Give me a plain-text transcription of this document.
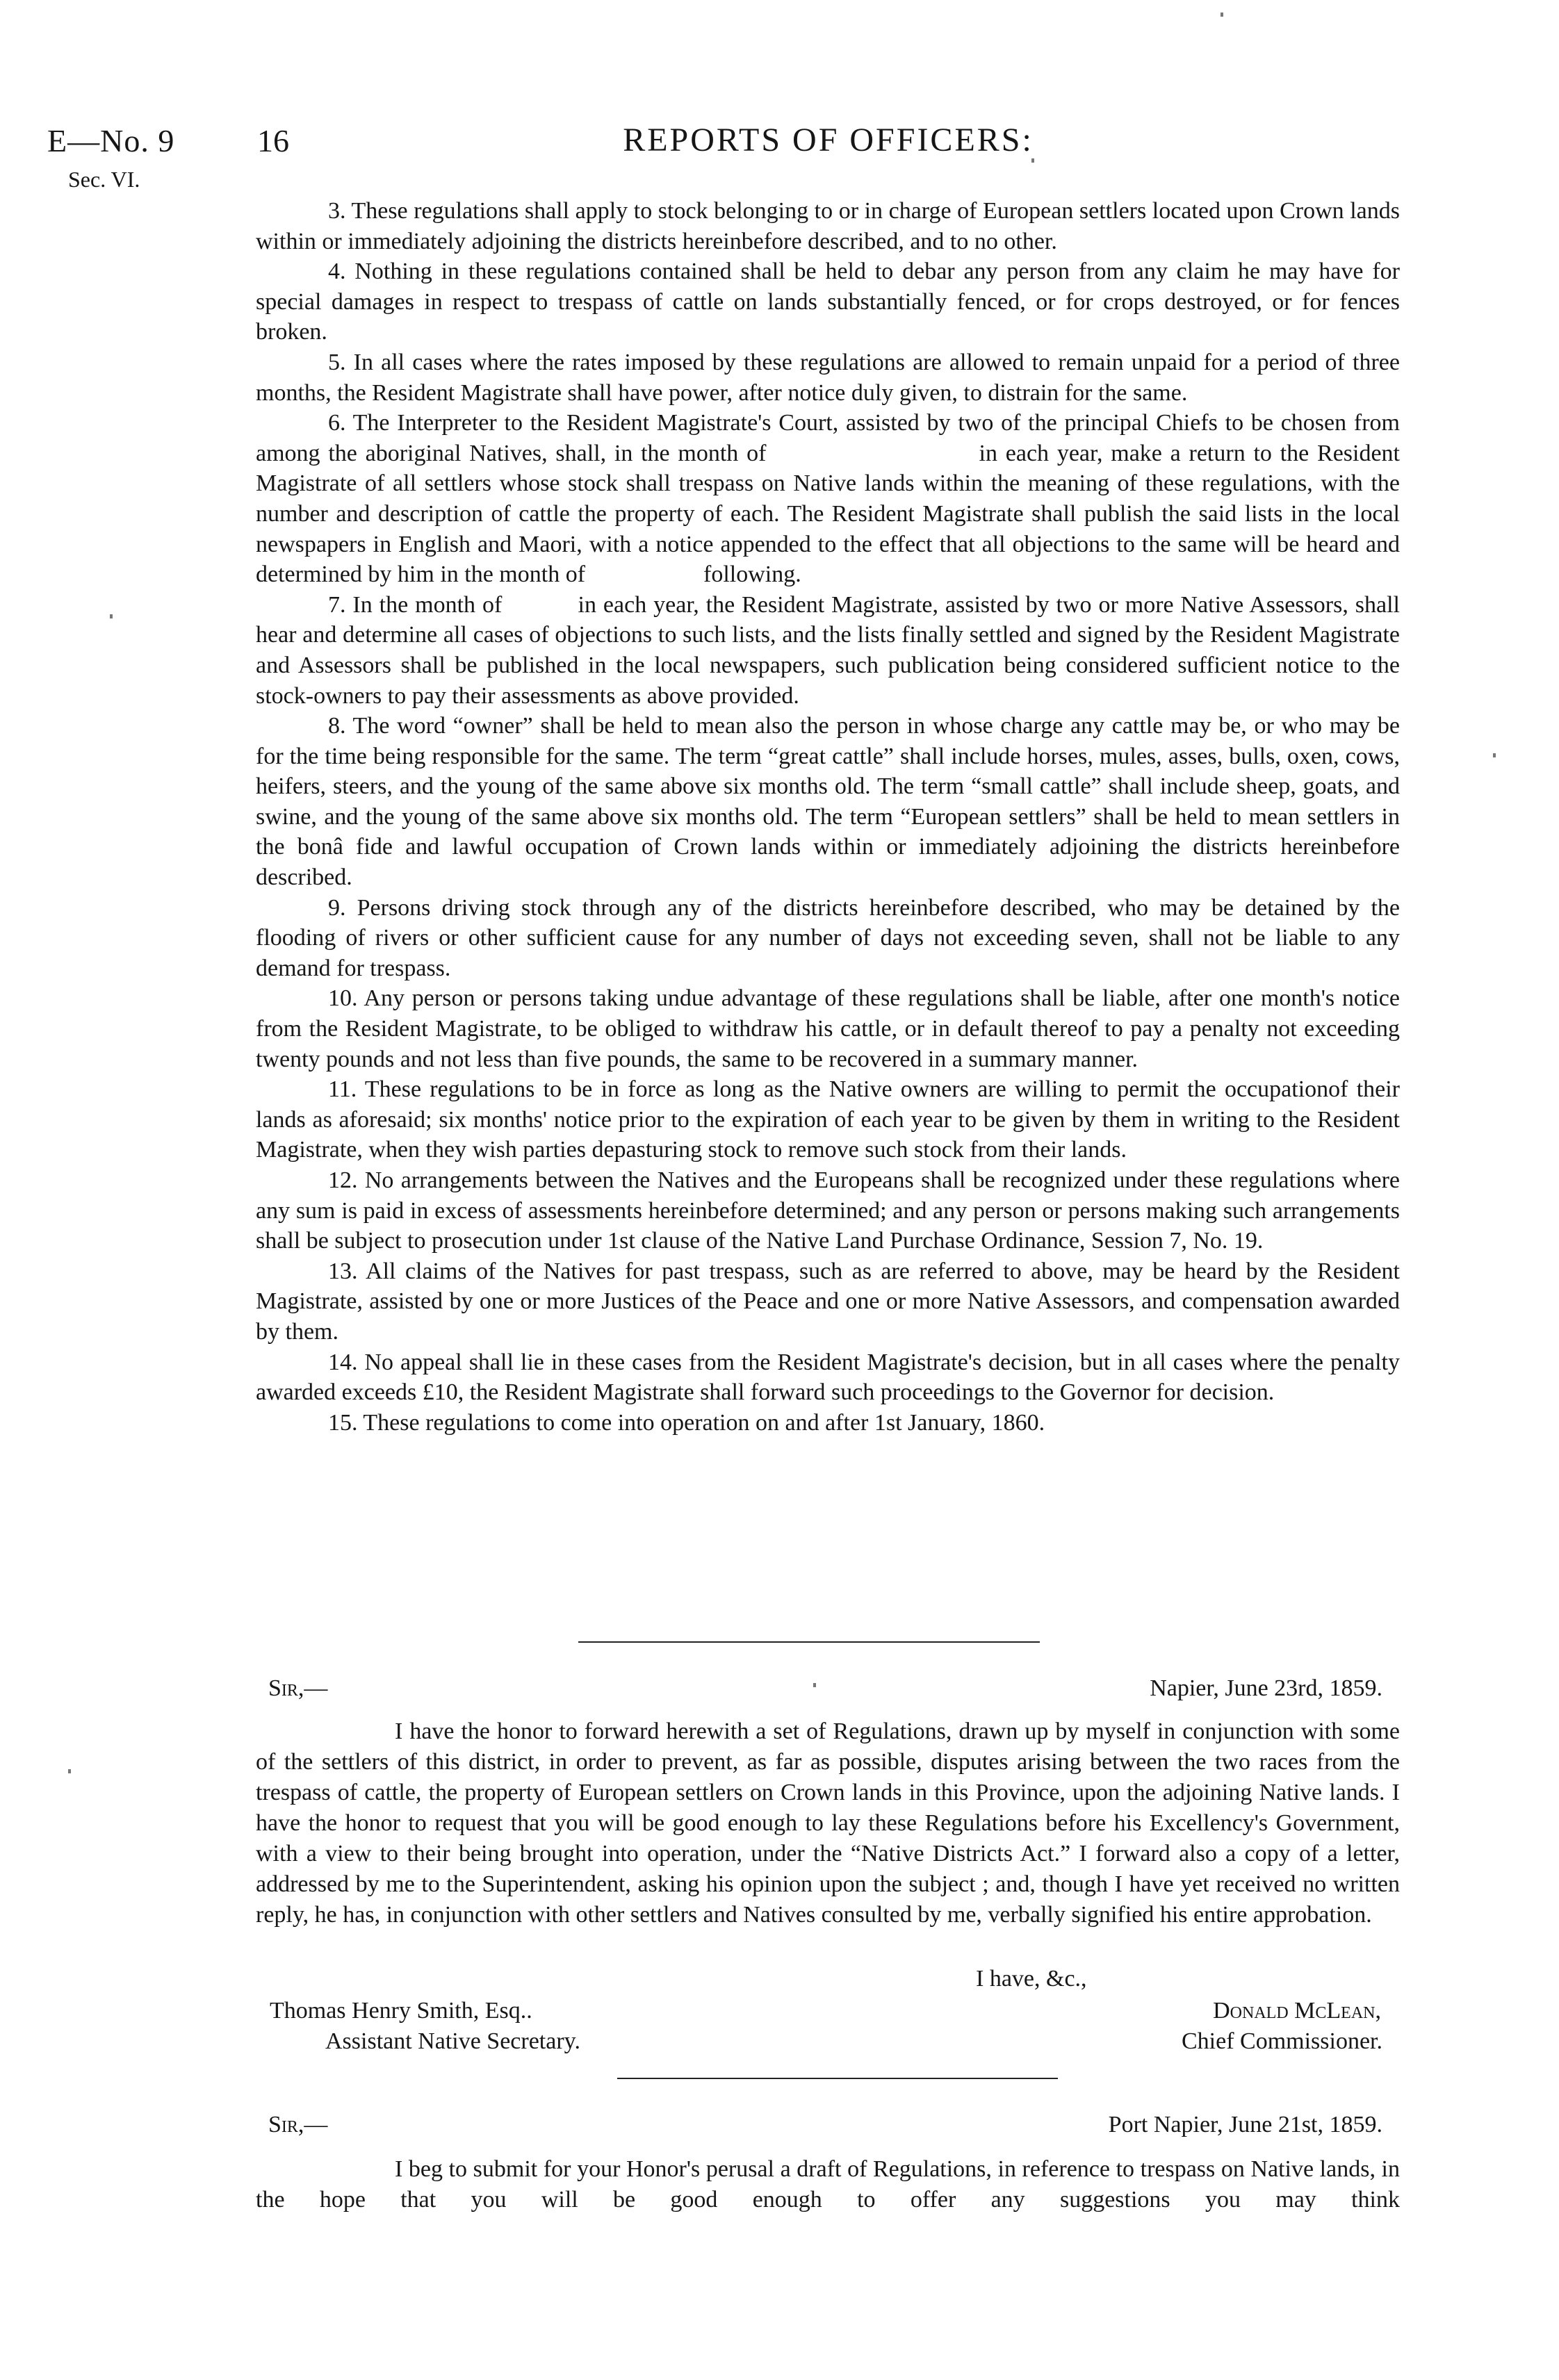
E—No. 9
Sec. VI.
16	REPORTS OF OFFICERS:

3. These regulations shall apply to stock belonging to or in charge of European settlers located upon Crown lands within or immediately adjoining the districts hereinbefore described, and to no other.

4. Nothing in these regulations contained shall be held to debar any person from any claim he may have for special damages in respect to trespass of cattle on lands substantially fenced, or for crops destroyed, or for fences broken.

5. In all cases where the rates imposed by these regulations are allowed to remain unpaid for a period of three months, the Resident Magistrate shall have power, after notice duly given, to distrain for the same.

6. The Interpreter to the Resident Magistrate's Court, assisted by two of the principal Chiefs to be chosen from among the aboriginal Natives, shall, in the month of                          in each year, make a return to the Resident Magistrate of all settlers whose stock shall trespass on Native lands within the meaning of these regulations, with the number and description of cattle the property of each. The Resident Magistrate shall publish the said lists in the local newspapers in English and Maori, with a notice appended to the effect that all objections to the same will be heard and determined by him in the month of                    following.

7. In the month of           in each year, the Resident Magistrate, assisted by two or more Native Assessors, shall hear and determine all cases of objections to such lists, and the lists finally settled and signed by the Resident Magistrate and Assessors shall be published in the local newspapers, such publication being considered sufficient notice to the stock-owners to pay their assessments as above provided.

8. The word “owner” shall be held to mean also the person in whose charge any cattle may be, or who may be for the time being responsible for the same. The term “great cattle” shall include horses, mules, asses, bulls, oxen, cows, heifers, steers, and the young of the same above six months old. The term “small cattle” shall include sheep, goats, and swine, and the young of the same above six months old. The term “European settlers” shall be held to mean settlers in the bonâ fide and lawful occupation of Crown lands within or immediately adjoining the districts hereinbefore described.

9. Persons driving stock through any of the districts hereinbefore described, who may be detained by the flooding of rivers or other sufficient cause for any number of days not exceeding seven, shall not be liable to any demand for trespass.

10. Any person or persons taking undue advantage of these regulations shall be liable, after one month's notice from the Resident Magistrate, to be obliged to withdraw his cattle, or in default thereof to pay a penalty not exceeding twenty pounds and not less than five pounds, the same to be recovered in a summary manner.

11. These regulations to be in force as long as the Native owners are willing to permit the occupationof their lands as aforesaid; six months' notice prior to the expiration of each year to be given by them in writing to the Resident Magistrate, when they wish parties depasturing stock to remove such stock from their lands.

12. No arrangements between the Natives and the Europeans shall be recognized under these regulations where any sum is paid in excess of assessments hereinbefore determined; and any person or persons making such arrangements shall be subject to prosecution under 1st clause of the Native Land Purchase Ordinance, Session 7, No. 19.

13. All claims of the Natives for past trespass, such as are referred to above, may be heard by the Resident Magistrate, assisted by one or more Justices of the Peace and one or more Native Assessors, and compensation awarded by them.

14. No appeal shall lie in these cases from the Resident Magistrate's decision, but in all cases where the penalty awarded exceeds £10, the Resident Magistrate shall forward such proceedings to the Governor for decision.

15. These regulations to come into operation on and after 1st January, 1860.

Sir,—	Napier, June 23rd, 1859.

I have the honor to forward herewith a set of Regulations, drawn up by myself in conjunction with some of the settlers of this district, in order to prevent, as far as possible, disputes arising between the two races from the trespass of cattle, the property of European settlers on Crown lands in this Province, upon the adjoining Native lands. I have the honor to request that you will be good enough to lay these Regulations before his Excellency's Government, with a view to their being brought into operation, under the “Native Districts Act.” I forward also a copy of a letter, addressed by me to the Superintendent, asking his opinion upon the subject ; and, though I have yet received no written reply, he has, in conjunction with other settlers and Natives consulted by me, verbally signified his entire approbation.

I have, &c.,
Thomas Henry Smith, Esq..	Donald McLean,
Assistant Native Secretary.	Chief Commissioner.
Sir,—	Port Napier, June 21st, 1859.

I beg to submit for your Honor's perusal a draft of Regulations, in reference to trespass on Native lands, in the hope that you will be good enough to offer any suggestions you may think
